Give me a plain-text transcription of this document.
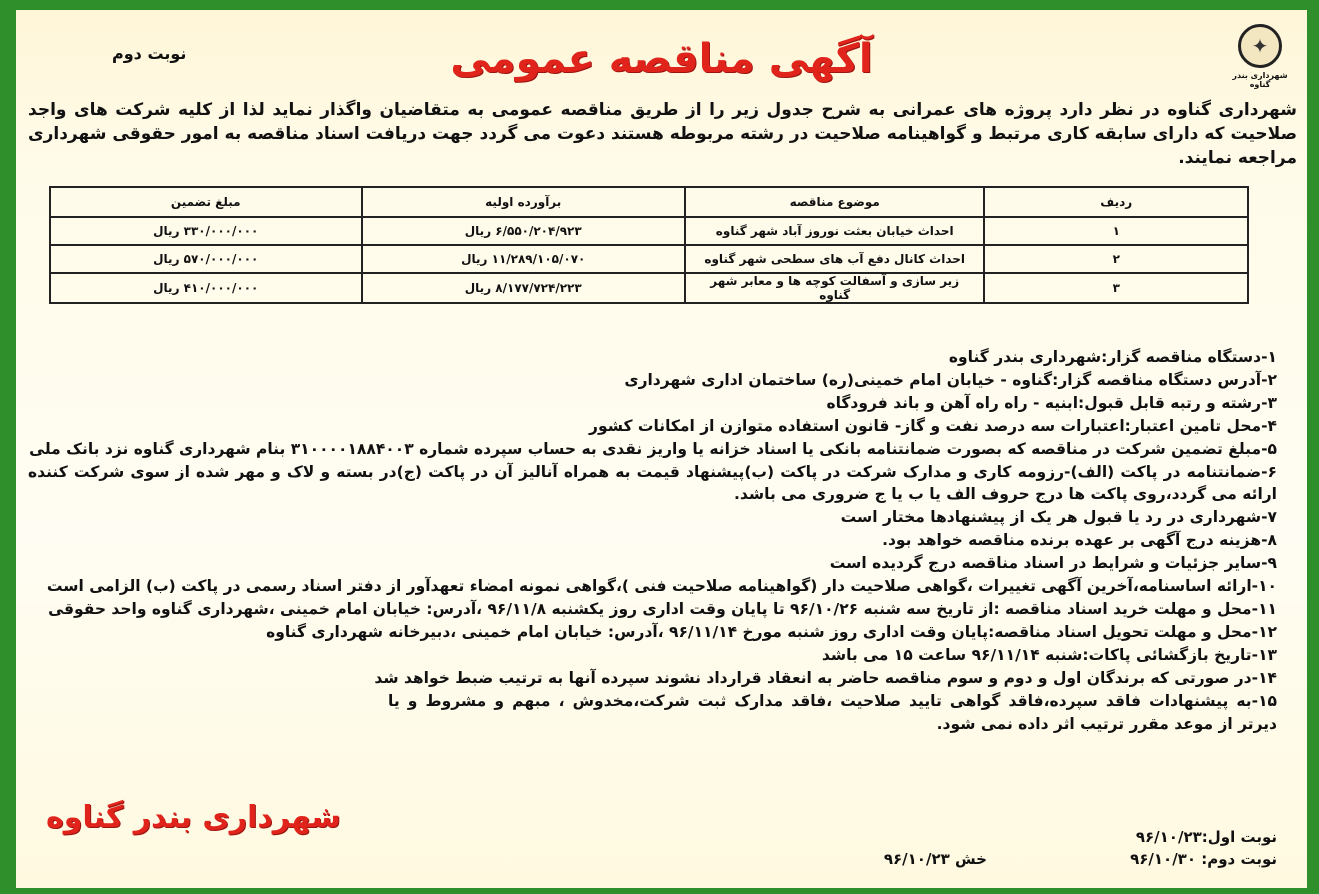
✦
شهرداری بندر گناوه
آگهی مناقصه عمومی
نوبت دوم
شهرداری گناوه در نظر دارد پروژه های عمرانی به شرح جدول زیر را از طریق مناقصه عمومی به متقاضیان واگذار نماید لذا از کلیه شرکت های واجد صلاحیت که دارای سابقه کاری مرتبط و گواهینامه صلاحیت در رشته مربوطه هستند دعوت می گردد جهت دریافت اسناد مناقصه به امور حقوقی شهرداری مراجعه نمایند.
ردیف	موضوع مناقصه	برآورده اولیه	مبلغ تضمین
۱	احداث خیابان بعثت نوروز آباد شهر گناوه	۶/۵۵۰/۲۰۴/۹۲۳ ریال	۳۳۰/۰۰۰/۰۰۰ ریال
۲	احداث کانال دفع آب های سطحی شهر گناوه	۱۱/۲۸۹/۱۰۵/۰۷۰ ریال	۵۷۰/۰۰۰/۰۰۰ ریال
۳	زیر سازی و آسفالت کوچه ها و معابر شهر گناوه	۸/۱۷۷/۷۲۴/۲۲۳ ریال	۴۱۰/۰۰۰/۰۰۰ ریال
۱-دستگاه مناقصه گزار:شهرداری بندر گناوه
۲-آدرس دستگاه مناقصه گزار:گناوه - خیابان امام خمینی(ره) ساختمان اداری شهرداری
۳-رشته و رتبه قابل قبول:ابنیه - راه راه آهن و باند فرودگاه
۴-محل تامین اعتبار:اعتبارات سه درصد نفت و گاز- قانون استفاده متوازن از امکانات کشور
۵-مبلغ تضمین شرکت در مناقصه که بصورت ضمانتنامه بانکی یا اسناد خزانه یا واریز نقدی به حساب سپرده شماره ۳۱۰۰۰۰۱۸۸۴۰۰۳ بنام شهرداری گناوه نزد بانک ملی
۶-ضمانتنامه در پاکت (الف)-رزومه کاری و مدارک شرکت در پاکت (ب)پیشنهاد قیمت به همراه آنالیز آن در پاکت (ج)در بسته و لاک و مهر شده از سوی شرکت کننده ارائه می گردد،روی پاکت ها درج حروف الف یا ب یا ج ضروری می باشد.
۷-شهرداری در رد یا قبول هر یک از پیشنهادها مختار است
۸-هزینه درج آگهی بر عهده برنده مناقصه خواهد بود.
۹-سایر جزئیات و شرایط در اسناد مناقصه درج گردیده است
۱۰-ارائه اساسنامه،آخرین آگهی تغییرات ،گواهی صلاحیت دار (گواهینامه صلاحیت فنی )،گواهی نمونه امضاء تعهدآور از دفتر اسناد رسمی در پاکت (ب) الزامی است
۱۱-محل و مهلت خرید اسناد مناقصه :از تاریخ سه شنبه ۹۶/۱۰/۲۶ تا پایان وقت اداری روز یکشنبه ۹۶/۱۱/۸ ،آدرس: خیابان امام خمینی ،شهرداری گناوه واحد حقوقی
۱۲-محل و مهلت تحویل اسناد مناقصه:پایان وقت اداری روز شنبه مورخ ۹۶/۱۱/۱۴ ،آدرس: خیابان امام خمینی ،دبیرخانه شهرداری گناوه
۱۳-تاریخ بازگشائی پاکات:شنبه ۹۶/۱۱/۱۴ ساعت ۱۵ می باشد
۱۴-در صورتی که برندگان اول و دوم و سوم مناقصه حاضر به انعقاد قرارداد نشوند سپرده آنها به ترتیب ضبط خواهد شد
۱۵-به پیشنهادات فاقد سپرده،فاقد گواهی تایید صلاحیت ،فاقد مدارک ثبت شرکت،مخدوش ، مبهم و مشروط و یا دیرتر از موعد مقرر ترتیب اثر داده نمی شود.
نوبت اول:۹۶/۱۰/۲۳
نوبت دوم: ۹۶/۱۰/۳۰
خش ۹۶/۱۰/۲۳
شهرداری بندر گناوه
